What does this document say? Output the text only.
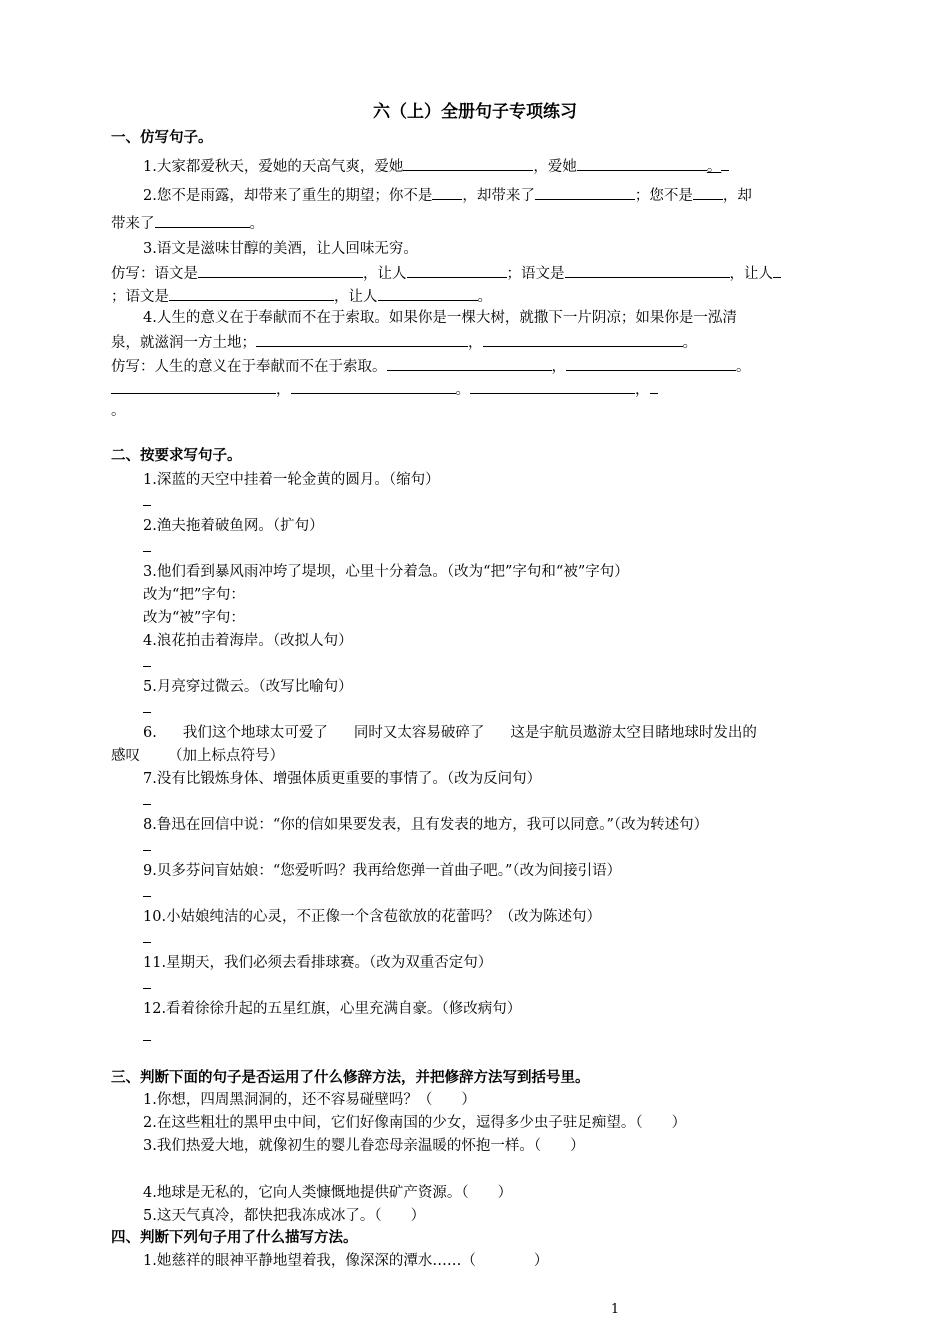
六（上）全册句子专项练习
一、仿写句子。
1.大家都爱秋天，爱她的天高气爽，爱她	，爱她	。
2.您不是雨露，却带来了重生的期望；你不是 ，却带来了	；您不是 ，却
带来了	。
3.语文是滋味甘醇的美酒，让人回味无穷。
仿写：语文是	，让人	；语文是	，让人
；语文是	，让人	。
4.人生的意义在于奉献而不在于索取。如果你是一棵大树，就撒下一片阴凉；如果你是一泓清
泉，就滋润一方土地；	，	。
仿写：人生的意义在于奉献而不在于索取。	，	。
，	。	，
。
二、按要求写句子。
1.深蓝的天空中挂着一轮金黄的圆月。（缩句）
2.渔夫拖着破鱼网。（扩句）
3.他们看到暴风雨冲垮了堤坝，心里十分着急。（改为“把”字句和“被”字句）
改为“把”字句：
改为“被”字句：
4.浪花拍击着海岸。（改拟人句）
5.月亮穿过微云。（改写比喻句）
6. 我们这个地球太可爱了 同时又太容易破碎了 这是宇航员遨游太空目睹地球时发出的
感叹 （加上标点符号）
7.没有比锻炼身体、增强体质更重要的事情了。（改为反问句）
8.鲁迅在回信中说：“你的信如果要发表，且有发表的地方，我可以同意。”（改为转述句）
9.贝多芬问盲姑娘：“您爱听吗？我再给您弹一首曲子吧。”（改为间接引语）
10.小姑娘纯洁的心灵，不正像一个含苞欲放的花蕾吗？（改为陈述句）
11.星期天，我们必须去看排球赛。（改为双重否定句）
12.看着徐徐升起的五星红旗，心里充满自豪。（修改病句）
三、判断下面的句子是否运用了什么修辞方法，并把修辞方法写到括号里。
1.你想，四周黑洞洞的，还不容易碰壁吗？（　　）
2.在这些粗壮的黑甲虫中间，它们好像南国的少女，逗得多少虫子驻足痴望。（　　）
3.我们热爱大地，就像初生的婴儿眷恋母亲温暖的怀抱一样。（　　）
4.地球是无私的，它向人类慷慨地提供矿产资源。（　　）
5.这天气真冷，都快把我冻成冰了。（　　）
四、判断下列句子用了什么描写方法。
1.她慈祥的眼神平静地望着我，像深深的潭水……（　　　　）
1
